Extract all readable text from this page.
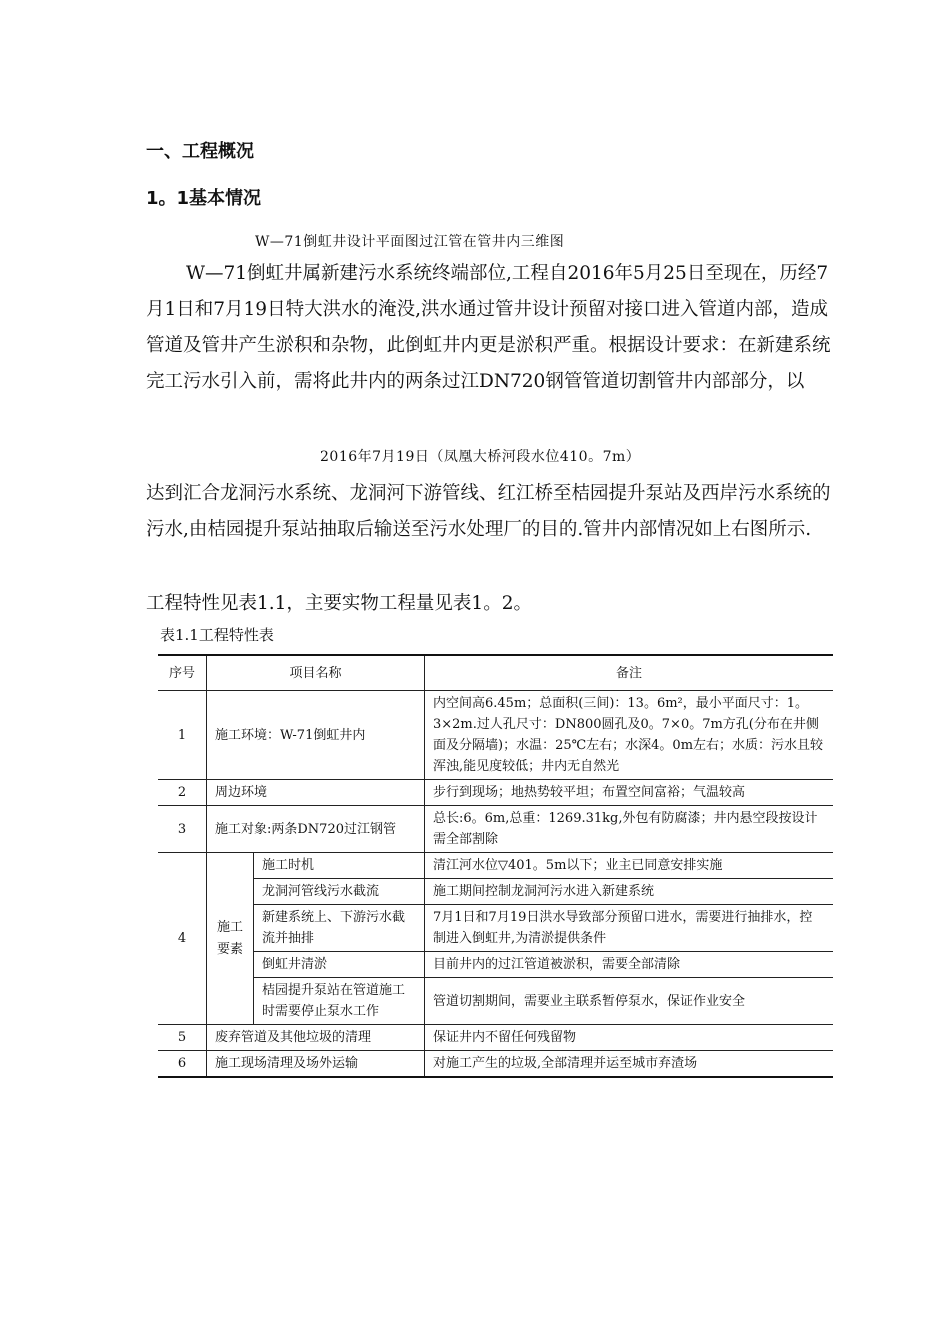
一、工程概况
1。1基本情况
W—71倒虹井设计平面图过江管在管井内三维图
W—71倒虹井属新建污水系统终端部位,工程自2016年5月25日至现在，历经7月1日和7月19日特大洪水的淹没,洪水通过管井设计预留对接口进入管道内部，造成管道及管井产生淤积和杂物，此倒虹井内更是淤积严重。根据设计要求：在新建系统完工污水引入前，需将此井内的两条过江DN720钢管管道切割管井内部部分，以
2016年7月19日（凤凰大桥河段水位410。7m）
达到汇合龙洞污水系统、龙洞河下游管线、红江桥至桔园提升泵站及西岸污水系统的污水,由桔园提升泵站抽取后输送至污水处理厂的目的.管井内部情况如上右图所示.
工程特性见表1.1，主要实物工程量见表1。2。
表1.1工程特性表
序号	项目名称		备注
1	施工环境：W-71倒虹井内		内空间高6.45m；总面积(三间)：13。6m²，最小平面尺寸：1。3×2m.过人孔尺寸：DN800圆孔及0。7×0。7m方孔(分布在井侧面及分隔墙)；水温：25℃左右；水深4。0m左右；水质：污水且较浑浊,能见度较低；井内无自然光
2	周边环境		步行到现场；地热势较平坦；布置空间富裕；气温较高
3	施工对象:两条DN720过江钢管		总长:6。6m,总重：1269.31kg,外包有防腐漆；井内悬空段按设计需全部割除
4	施工要素	施工时机	清江河水位▽401。5m以下；业主已同意安排实施
		龙洞河管线污水截流	施工期间控制龙洞河污水进入新建系统
		新建系统上、下游污水截流并抽排	7月1日和7月19日洪水导致部分预留口进水，需要进行抽排水，控制进入倒虹井,为清淤提供条件
		倒虹井清淤	目前井内的过江管道被淤积，需要全部清除
		桔园提升泵站在管道施工时需要停止泵水工作	管道切割期间，需要业主联系暂停泵水，保证作业安全
5	废弃管道及其他垃圾的清理		保证井内不留任何残留物
6	施工现场清理及场外运输		对施工产生的垃圾,全部清理并运至城市弃渣场
